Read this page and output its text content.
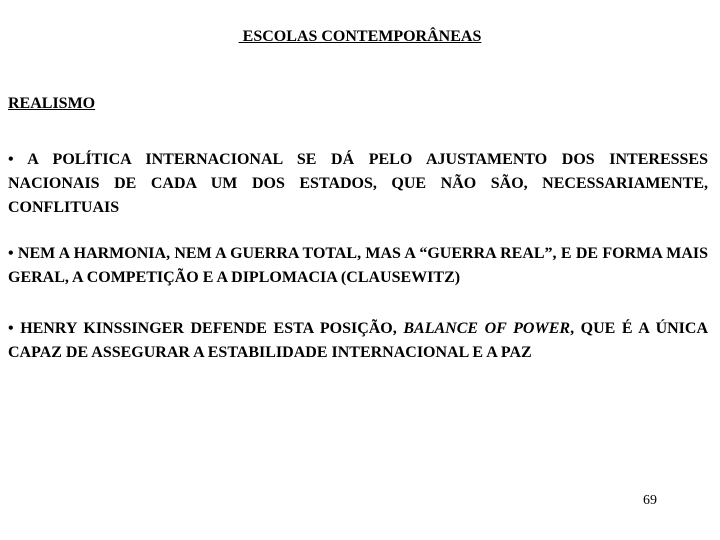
ESCOLAS CONTEMPORÂNEAS
REALISMO
• A POLÍTICA INTERNACIONAL SE DÁ PELO AJUSTAMENTO DOS INTERESSES NACIONAIS DE CADA UM DOS ESTADOS, QUE NÃO SÃO, NECESSARIAMENTE, CONFLITUAIS
• NEM A HARMONIA, NEM A GUERRA TOTAL, MAS A “GUERRA REAL”, E DE FORMA MAIS GERAL, A COMPETIÇÃO E A DIPLOMACIA (CLAUSEWITZ)
• HENRY KINSSINGER DEFENDE ESTA POSIÇÃO, BALANCE OF POWER, QUE É A ÚNICA CAPAZ DE ASSEGURAR A ESTABILIDADE INTERNACIONAL E A PAZ
69
